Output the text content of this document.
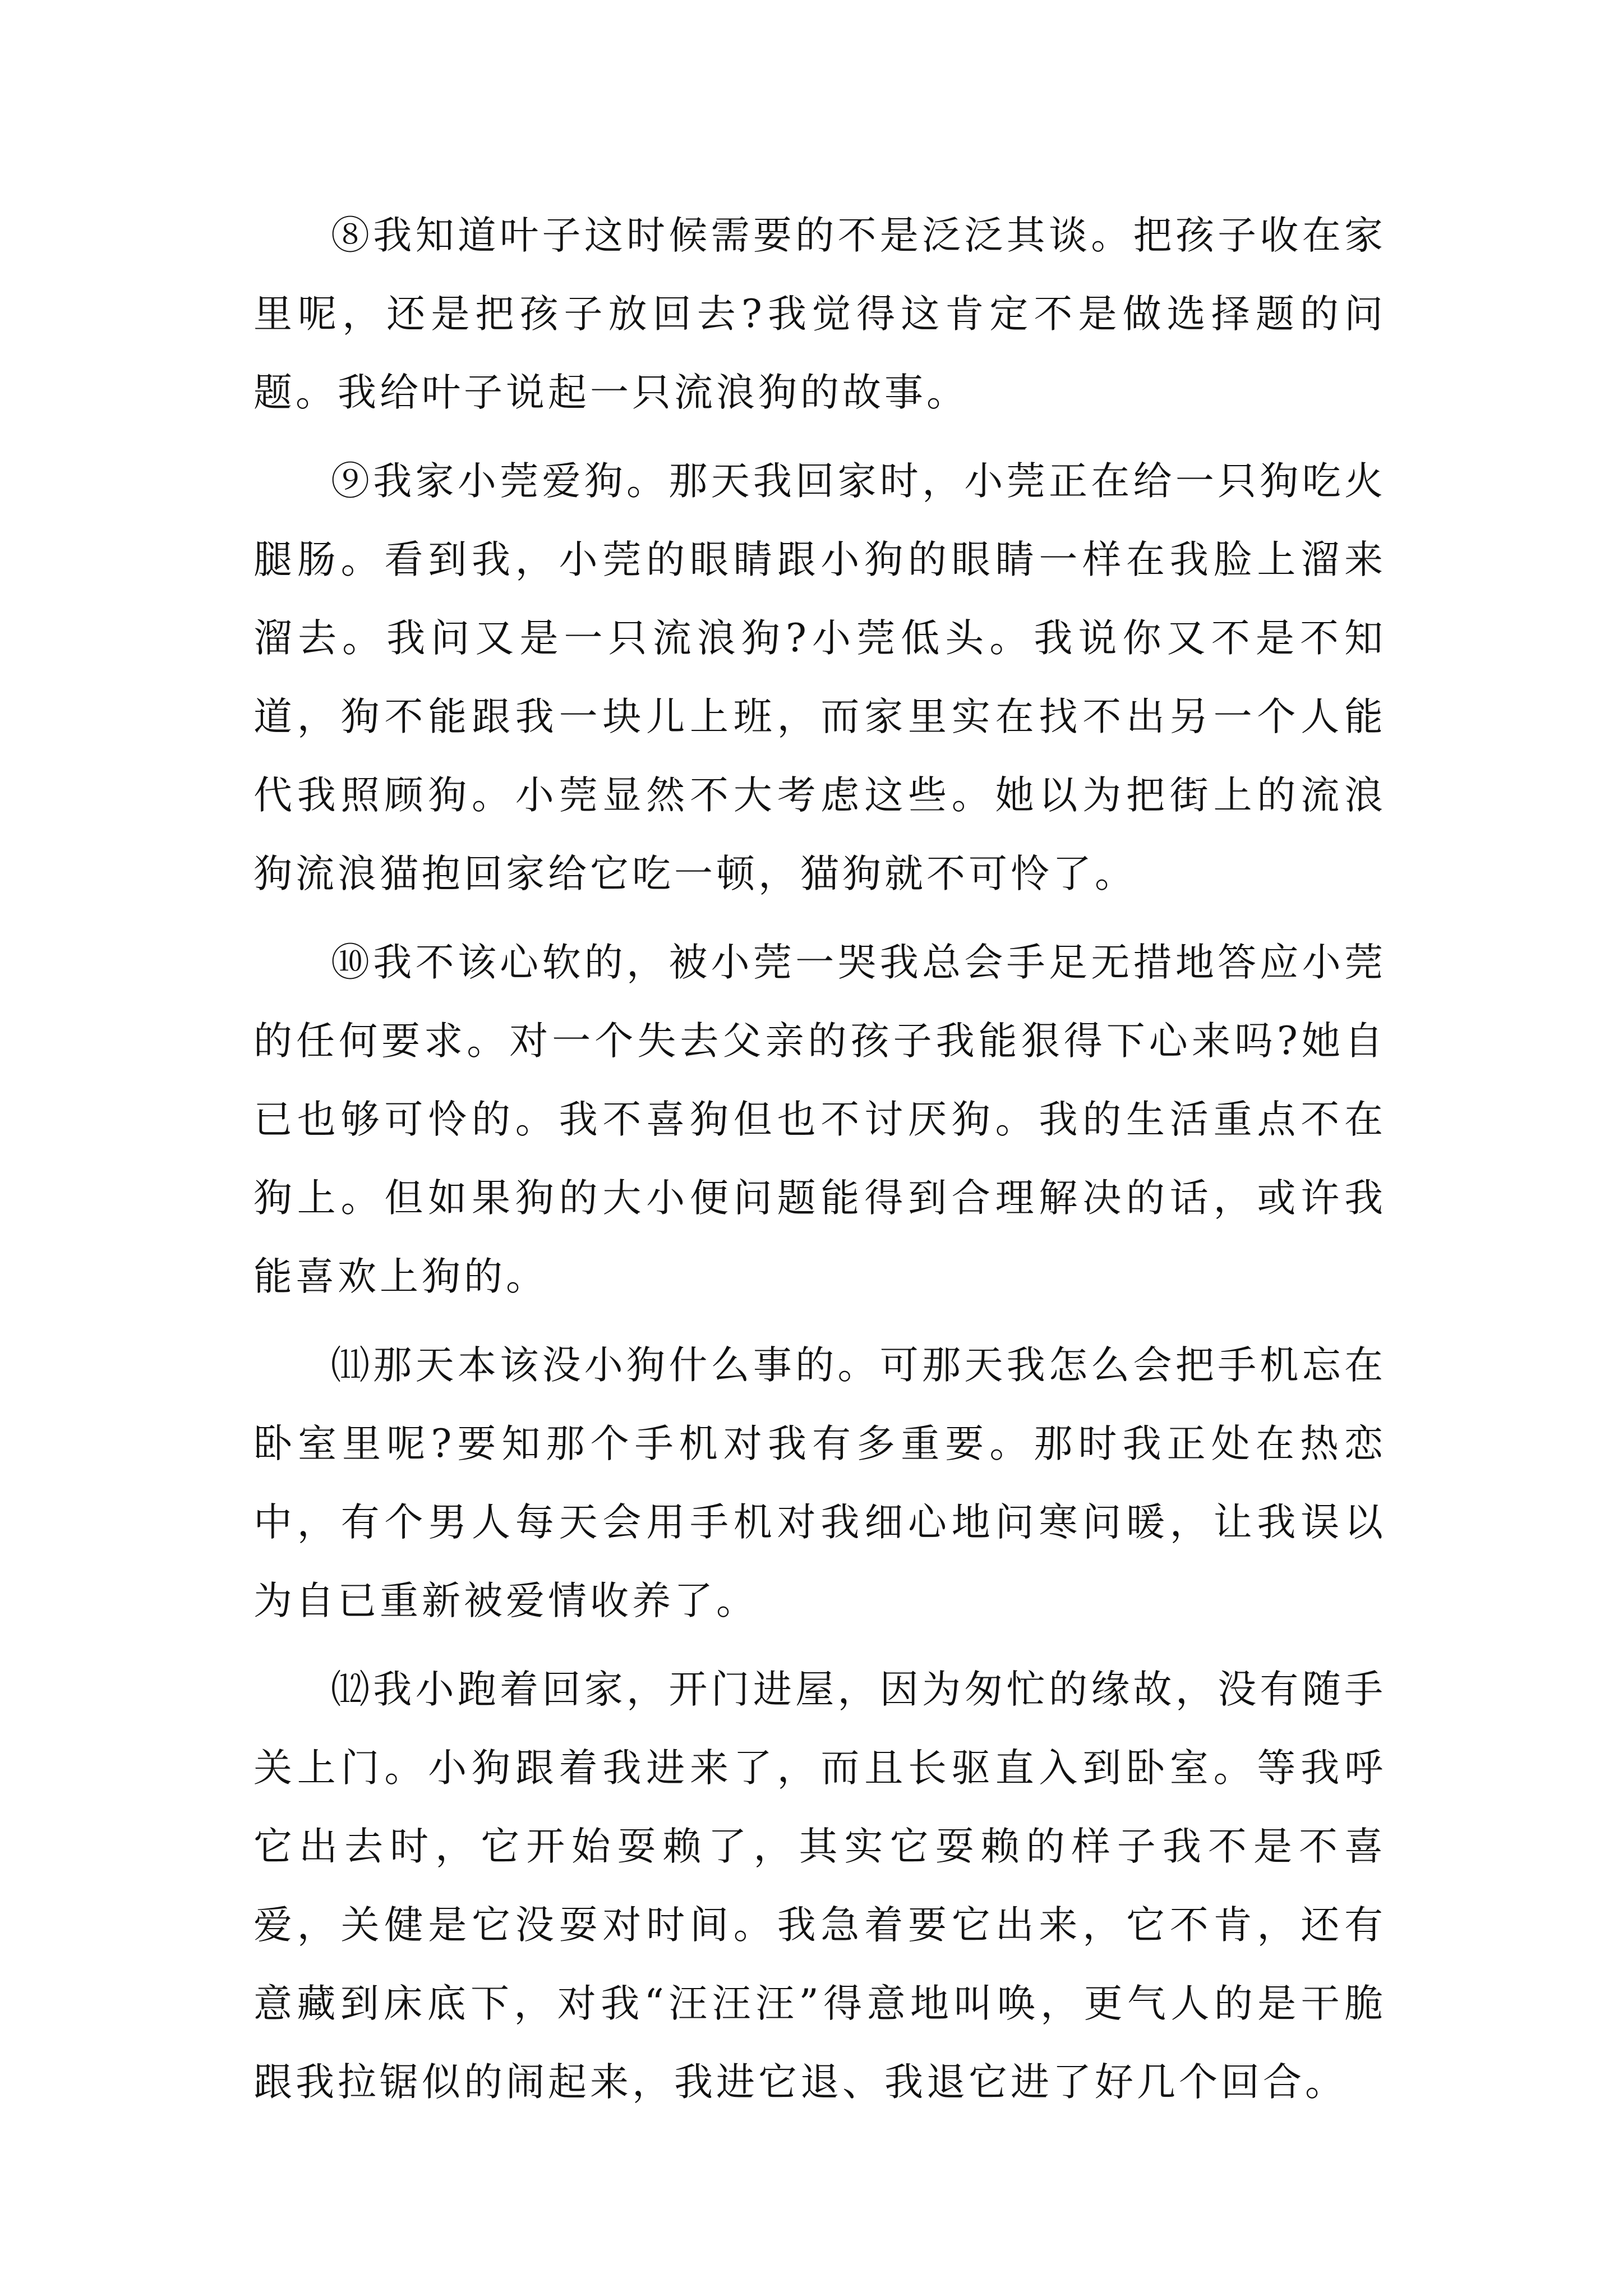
⑧我知道叶子这时候需要的不是泛泛其谈。把孩子收在家里呢，还是把孩子放回去?我觉得这肯定不是做选择题的问题。我给叶子说起一只流浪狗的故事。

⑨我家小莞爱狗。那天我回家时，小莞正在给一只狗吃火腿肠。看到我，小莞的眼睛跟小狗的眼睛一样在我脸上溜来溜去。我问又是一只流浪狗?小莞低头。我说你又不是不知道，狗不能跟我一块儿上班，而家里实在找不出另一个人能代我照顾狗。小莞显然不大考虑这些。她以为把街上的流浪狗流浪猫抱回家给它吃一顿，猫狗就不可怜了。

⑩我不该心软的，被小莞一哭我总会手足无措地答应小莞的任何要求。对一个失去父亲的孩子我能狠得下心来吗?她自已也够可怜的。我不喜狗但也不讨厌狗。我的生活重点不在狗上。但如果狗的大小便问题能得到合理解决的话，或许我能喜欢上狗的。

⑾那天本该没小狗什么事的。可那天我怎么会把手机忘在卧室里呢?要知那个手机对我有多重要。那时我正处在热恋中，有个男人每天会用手机对我细心地问寒问暖，让我误以为自已重新被爱情收养了。

⑿我小跑着回家，开门进屋，因为匆忙的缘故，没有随手关上门。小狗跟着我进来了，而且长驱直入到卧室。等我呼它出去时，它开始耍赖了，其实它耍赖的样子我不是不喜爱，关健是它没耍对时间。我急着要它出来，它不肯，还有意藏到床底下，对我“汪汪汪”得意地叫唤，更气人的是干脆跟我拉锯似的闹起来，我进它退、我退它进了好几个回合。
